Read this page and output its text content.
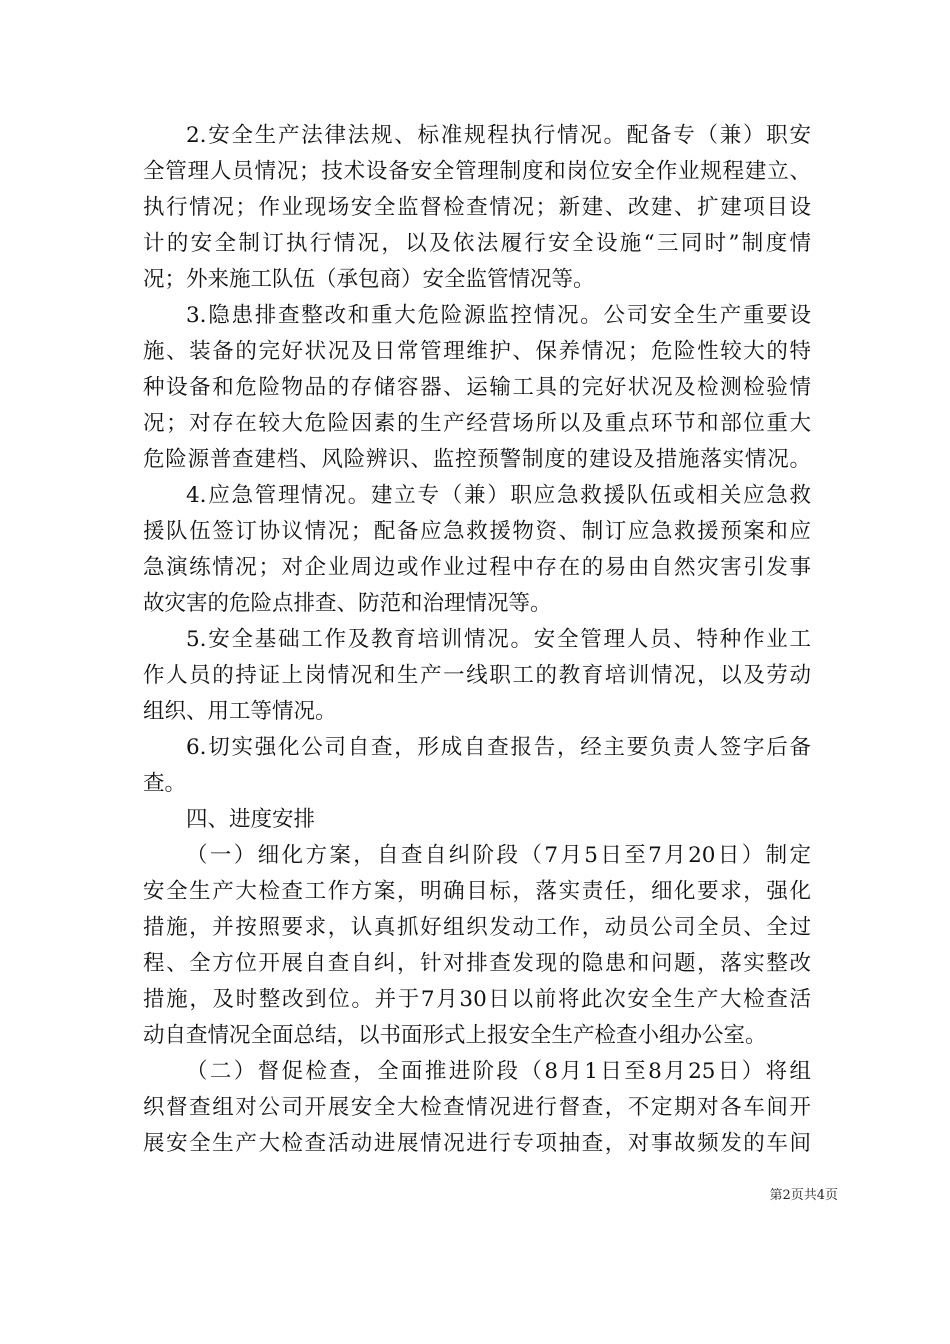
2.安全生产法律法规、标准规程执行情况。配备专（兼）职安
全管理人员情况；技术设备安全管理制度和岗位安全作业规程建立、
执行情况；作业现场安全监督检查情况；新建、改建、扩建项目设
计的安全制订执行情况，以及依法履行安全设施“三同时”制度情
况；外来施工队伍（承包商）安全监管情况等。
3.隐患排查整改和重大危险源监控情况。公司安全生产重要设
施、装备的完好状况及日常管理维护、保养情况；危险性较大的特
种设备和危险物品的存储容器、运输工具的完好状况及检测检验情
况；对存在较大危险因素的生产经营场所以及重点环节和部位重大
危险源普查建档、风险辨识、监控预警制度的建设及措施落实情况。
4.应急管理情况。建立专（兼）职应急救援队伍或相关应急救
援队伍签订协议情况；配备应急救援物资、制订应急救援预案和应
急演练情况；对企业周边或作业过程中存在的易由自然灾害引发事
故灾害的危险点排查、防范和治理情况等。
5.安全基础工作及教育培训情况。安全管理人员、特种作业工
作人员的持证上岗情况和生产一线职工的教育培训情况，以及劳动
组织、用工等情况。
6.切实强化公司自查，形成自查报告，经主要负责人签字后备
查。
四、进度安排
（一）细化方案，自查自纠阶段（7月5日至7月20日）制定
安全生产大检查工作方案，明确目标，落实责任，细化要求，强化
措施，并按照要求，认真抓好组织发动工作，动员公司全员、全过
程、全方位开展自查自纠，针对排查发现的隐患和问题，落实整改
措施，及时整改到位。并于7月30日以前将此次安全生产大检查活
动自查情况全面总结，以书面形式上报安全生产检查小组办公室。
（二）督促检查，全面推进阶段（8月1日至8月25日）将组
织督查组对公司开展安全大检查情况进行督查，不定期对各车间开
展安全生产大检查活动进展情况进行专项抽查，对事故频发的车间
第2页共4页
